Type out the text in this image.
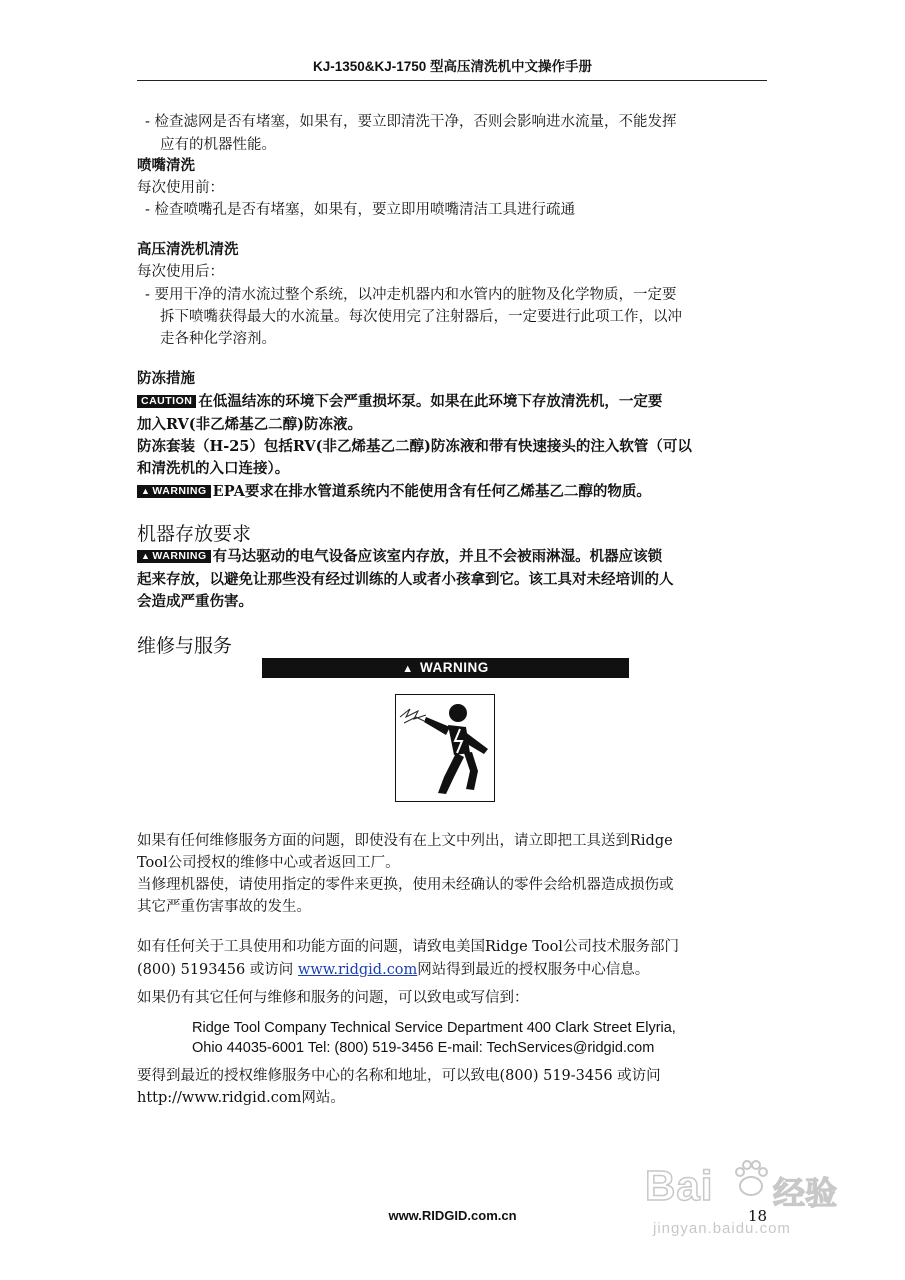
KJ-1350&KJ-1750 型高压清洗机中文操作手册
- 检查滤网是否有堵塞，如果有，要立即清洗干净，否则会影响进水流量，不能发挥
应有的机器性能。
喷嘴清洗
每次使用前：
- 检查喷嘴孔是否有堵塞，如果有，要立即用喷嘴清洁工具进行疏通
高压清洗机清洗
每次使用后：
- 要用干净的清水流过整个系统，以冲走机器内和水管内的脏物及化学物质，一定要
拆下喷嘴获得最大的水流量。每次使用完了注射器后，一定要进行此项工作，以冲
走各种化学溶剂。
防冻措施
CAUTION 在低温结冻的环境下会严重损坏泵。如果在此环境下存放清洗机，一定要
加入RV(非乙烯基乙二醇)防冻液。
防冻套装（H-25）包括RV(非乙烯基乙二醇)防冻液和带有快速接头的注入软管（可以
和清洗机的入口连接）。
▲ WARNING EPA要求在排水管道系统内不能使用含有任何乙烯基乙二醇的物质。
机器存放要求
▲ WARNING 有马达驱动的电气设备应该室内存放，并且不会被雨淋湿。机器应该锁
起来存放，以避免让那些没有经过训练的人或者小孩拿到它。该工具对未经培训的人
会造成严重伤害。
维修与服务
▲ WARNING
如果有任何维修服务方面的问题，即使没有在上文中列出，请立即把工具送到Ridge
Tool公司授权的维修中心或者返回工厂。
当修理机器使，请使用指定的零件来更换，使用未经确认的零件会给机器造成损伤或
其它严重伤害事故的发生。
如有任何关于工具使用和功能方面的问题，请致电美国Ridge Tool公司技术服务部门
(800) 5193456 或访问 www.ridgid.com网站得到最近的授权服务中心信息。
如果仍有其它任何与维修和服务的问题，可以致电或写信到：
Ridge Tool Company Technical Service Department 400 Clark Street Elyria,
Ohio 44035-6001 Tel: (800) 519-3456 E-mail: TechServices@ridgid.com
要得到最近的授权维修服务中心的名称和地址，可以致电(800) 519-3456 或访问
http://www.ridgid.com网站。
www.RIDGID.com.cn	18
Bai 经验
jingyan.baidu.com
